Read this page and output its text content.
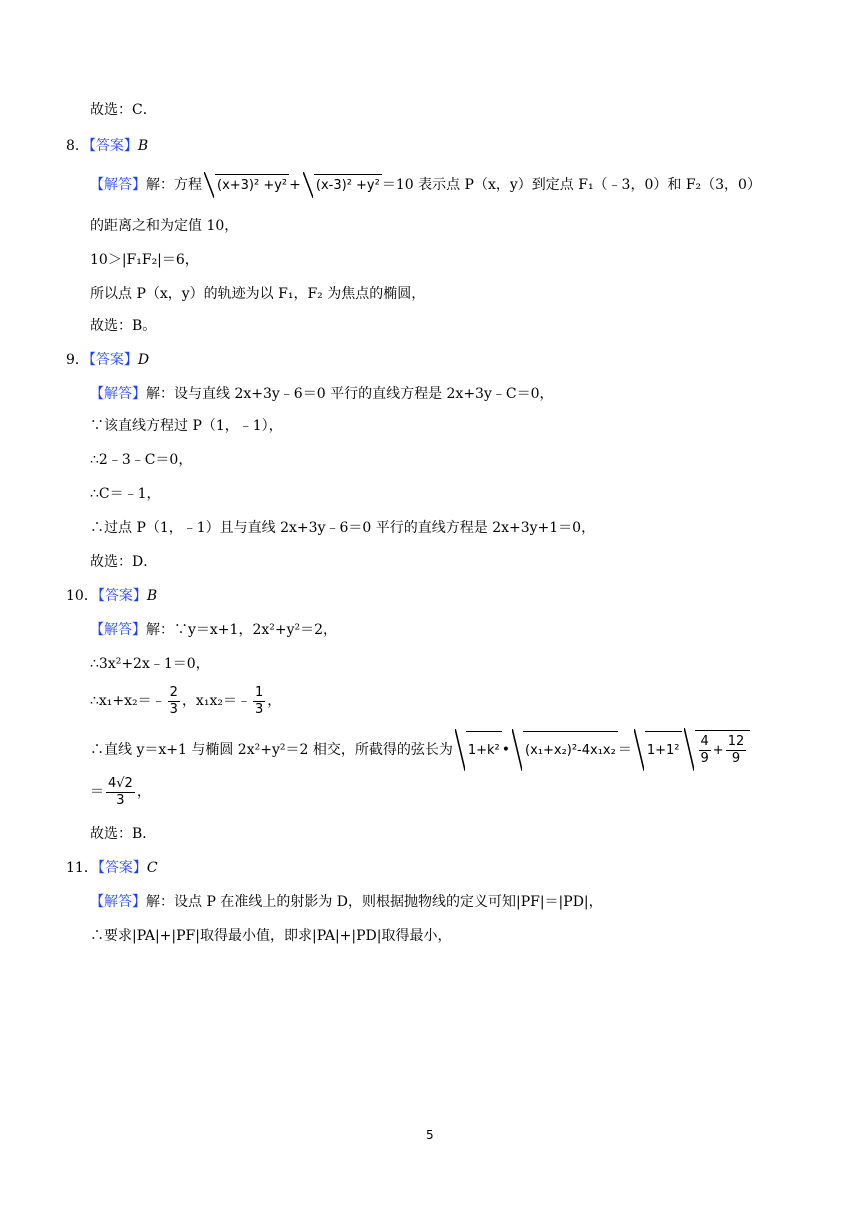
故选：C．
8．【答案】B
【解答】解：方程 (x+3)² +y² + (x-3)² +y² ＝10 表示点 P（x，y）到定点 F₁（﹣3，0）和 F₂（3，0）
的距离之和为定值 10，
10＞|F₁F₂|＝6，
所以点 P（x，y）的轨迹为以 F₁，F₂ 为焦点的椭圆，
故选：B。
9．【答案】D
【解答】解：设与直线 2x+3y﹣6＝0 平行的直线方程是 2x+3y﹣C＝0，
∵该直线方程过 P（1，﹣1），
∴2﹣3﹣C＝0，
∴C＝﹣1，
∴过点 P（1，﹣1）且与直线 2x+3y﹣6＝0 平行的直线方程是 2x+3y+1＝0，
故选：D．
10．【答案】B
【解答】解：∵y＝x+1，2x²+y²＝2，
∴3x²+2x﹣1＝0，
∴x₁+x₂＝﹣ $\frac{2}{3}$ ，x₁x₂＝﹣ $\frac{1}{3}$ ，
∴直线 y＝x+1 与椭圆 2x²+y²＝2 相交，所截得的弦长为 1+k² • $(x_1+x_2)^2-4x_1x_2 = 1+1^2 \frac{4}{9} + \frac{12}{9}$
＝ $\frac{4√2}{3}$ ，
故选：B．
11．【答案】C
【解答】解：设点 P 在准线上的射影为 D，则根据抛物线的定义可知|PF|＝|PD|，
∴要求|PA|+|PF|取得最小值，即求|PA|+|PD|取得最小，
5
